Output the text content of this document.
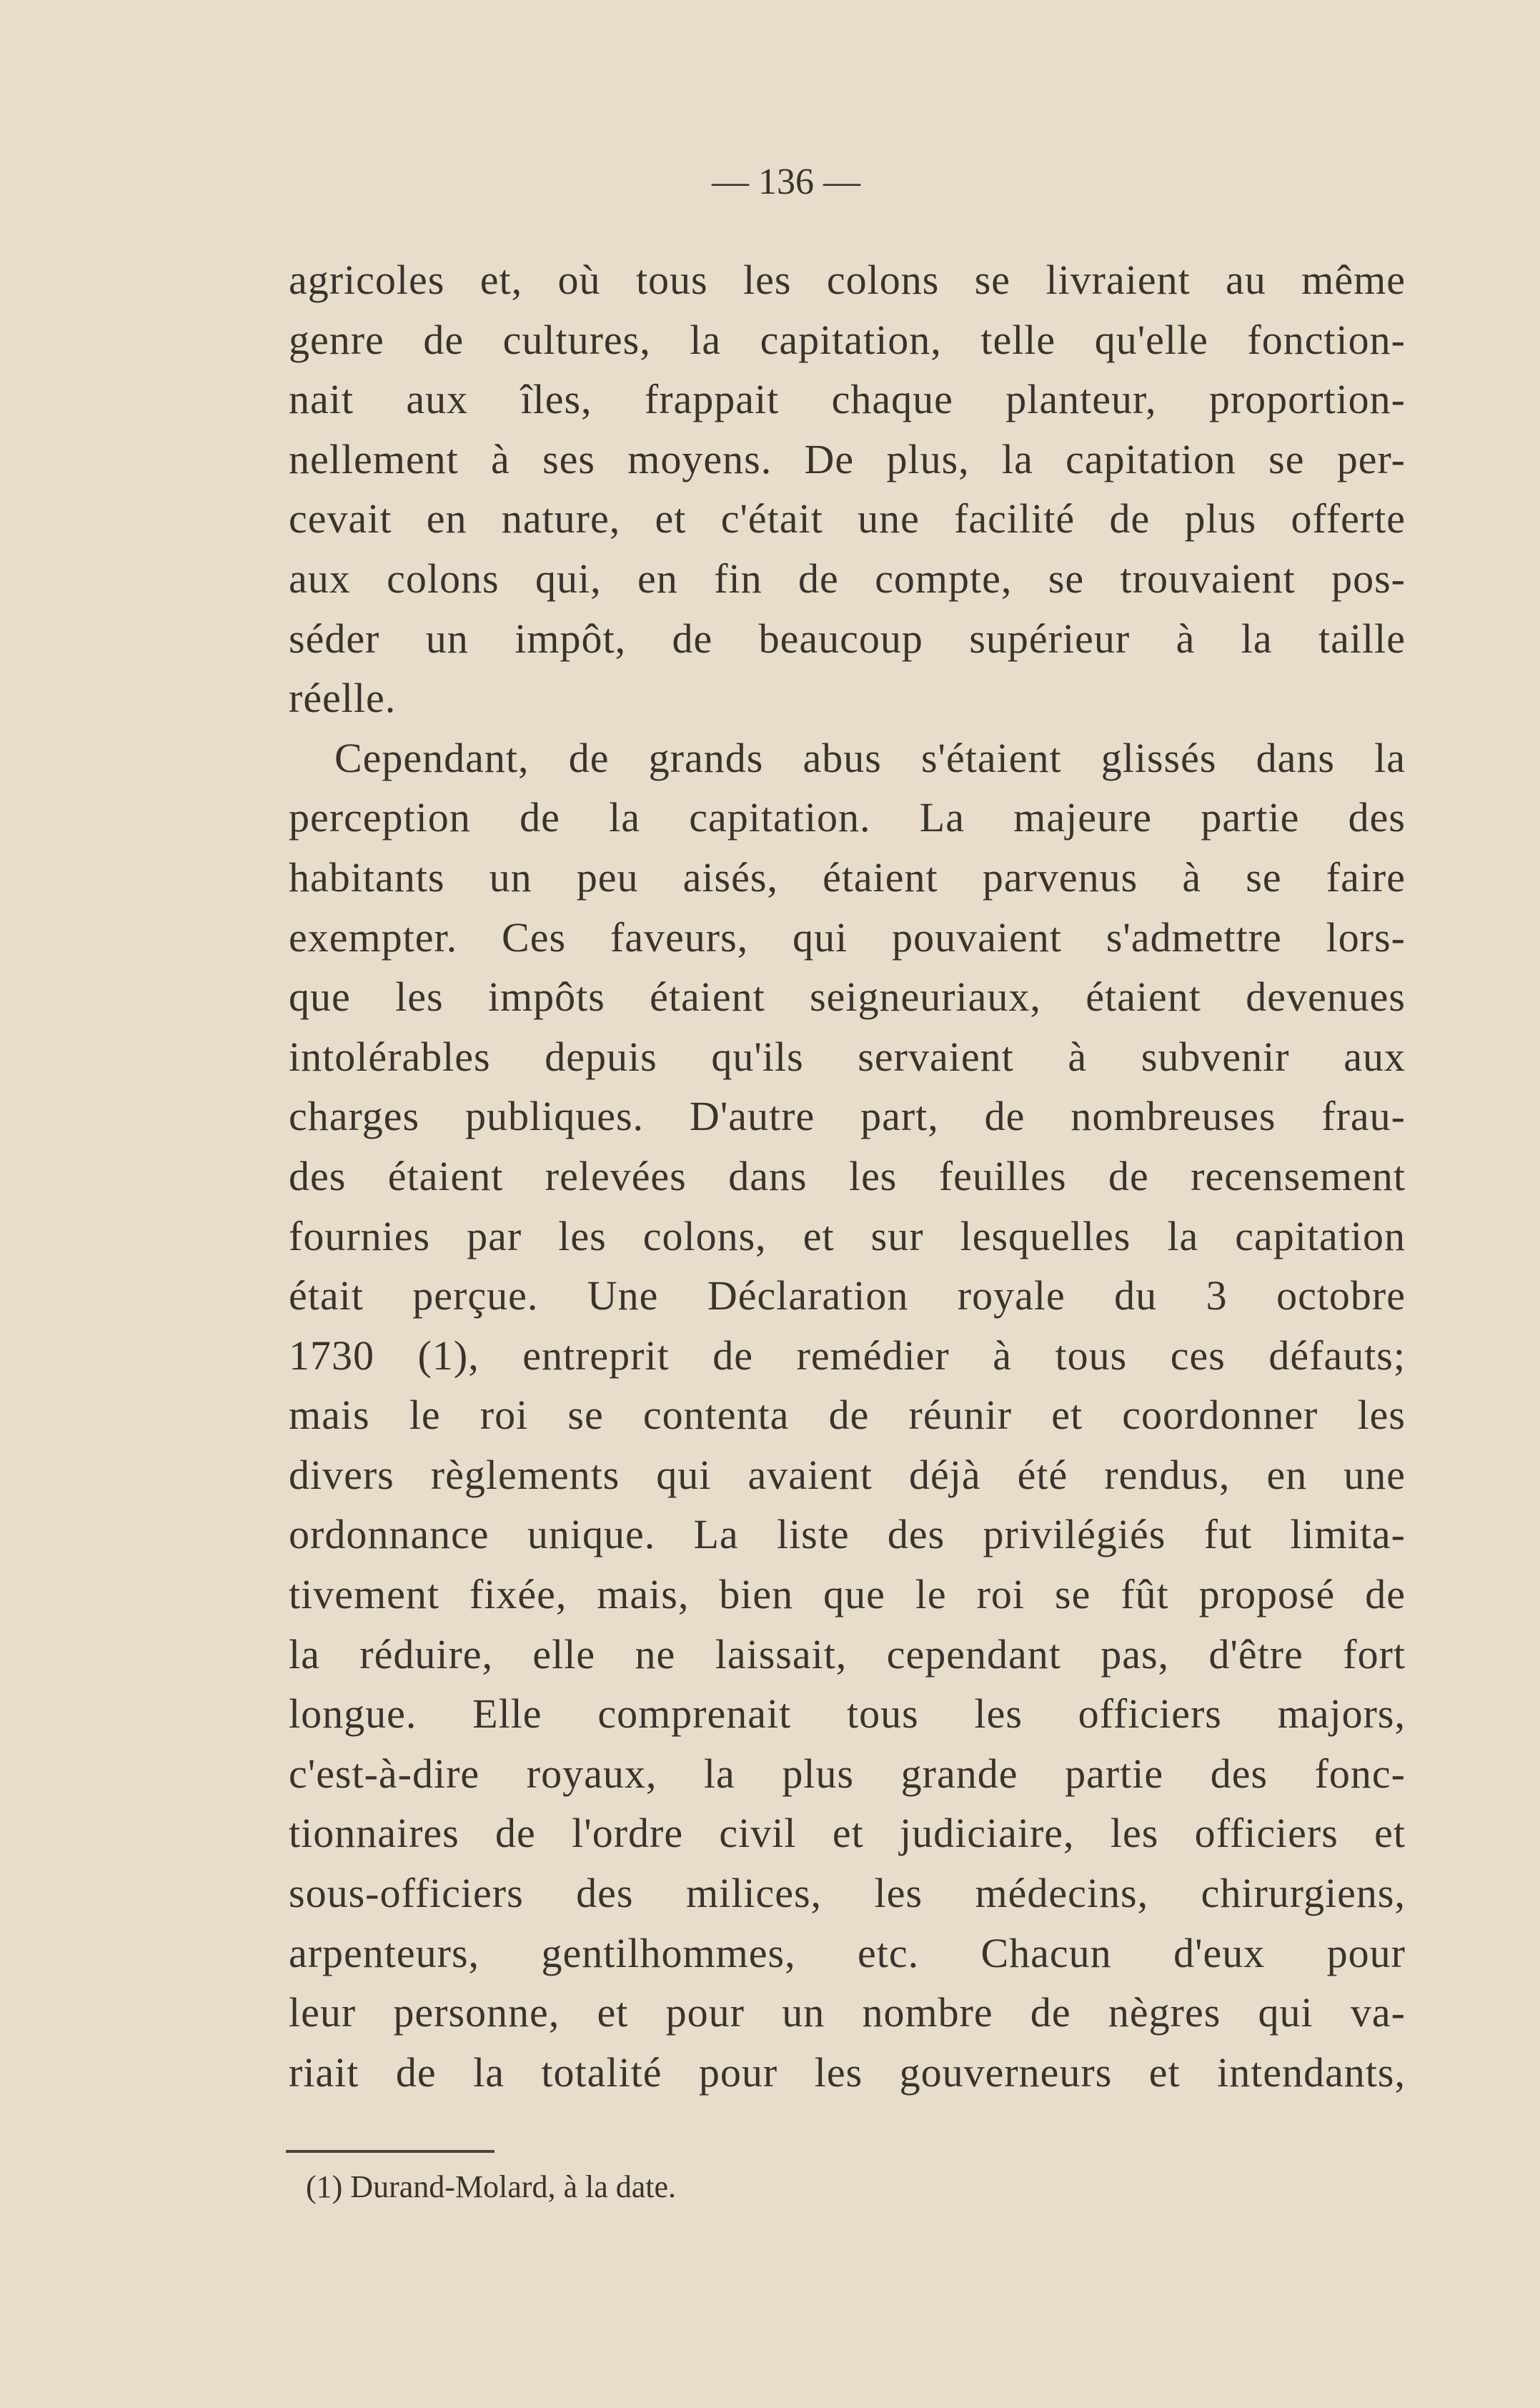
— 136 —
agricoles et, où tous les colons se livraient au même
genre de cultures, la capitation, telle qu'elle fonction-
nait aux îles, frappait chaque planteur, proportion-
nellement à ses moyens. De plus, la capitation se per-
cevait en nature, et c'était une facilité de plus offerte
aux colons qui, en fin de compte, se trouvaient pos-
séder un impôt, de beaucoup supérieur à la taille
réelle.
Cependant, de grands abus s'étaient glissés dans la
perception de la capitation. La majeure partie des
habitants un peu aisés, étaient parvenus à se faire
exempter. Ces faveurs, qui pouvaient s'admettre lors-
que les impôts étaient seigneuriaux, étaient devenues
intolérables depuis qu'ils servaient à subvenir aux
charges publiques. D'autre part, de nombreuses frau-
des étaient relevées dans les feuilles de recensement
fournies par les colons, et sur lesquelles la capitation
était perçue. Une Déclaration royale du 3 octobre
1730 (1), entreprit de remédier à tous ces défauts;
mais le roi se contenta de réunir et coordonner les
divers règlements qui avaient déjà été rendus, en une
ordonnance unique. La liste des privilégiés fut limita-
tivement fixée, mais, bien que le roi se fût proposé de
la réduire, elle ne laissait, cependant pas, d'être fort
longue. Elle comprenait tous les officiers majors,
c'est-à-dire royaux, la plus grande partie des fonc-
tionnaires de l'ordre civil et judiciaire, les officiers et
sous-officiers des milices, les médecins, chirurgiens,
arpenteurs, gentilhommes, etc. Chacun d'eux pour
leur personne, et pour un nombre de nègres qui va-
riait de la totalité pour les gouverneurs et intendants,
(1) Durand-Molard, à la date.
